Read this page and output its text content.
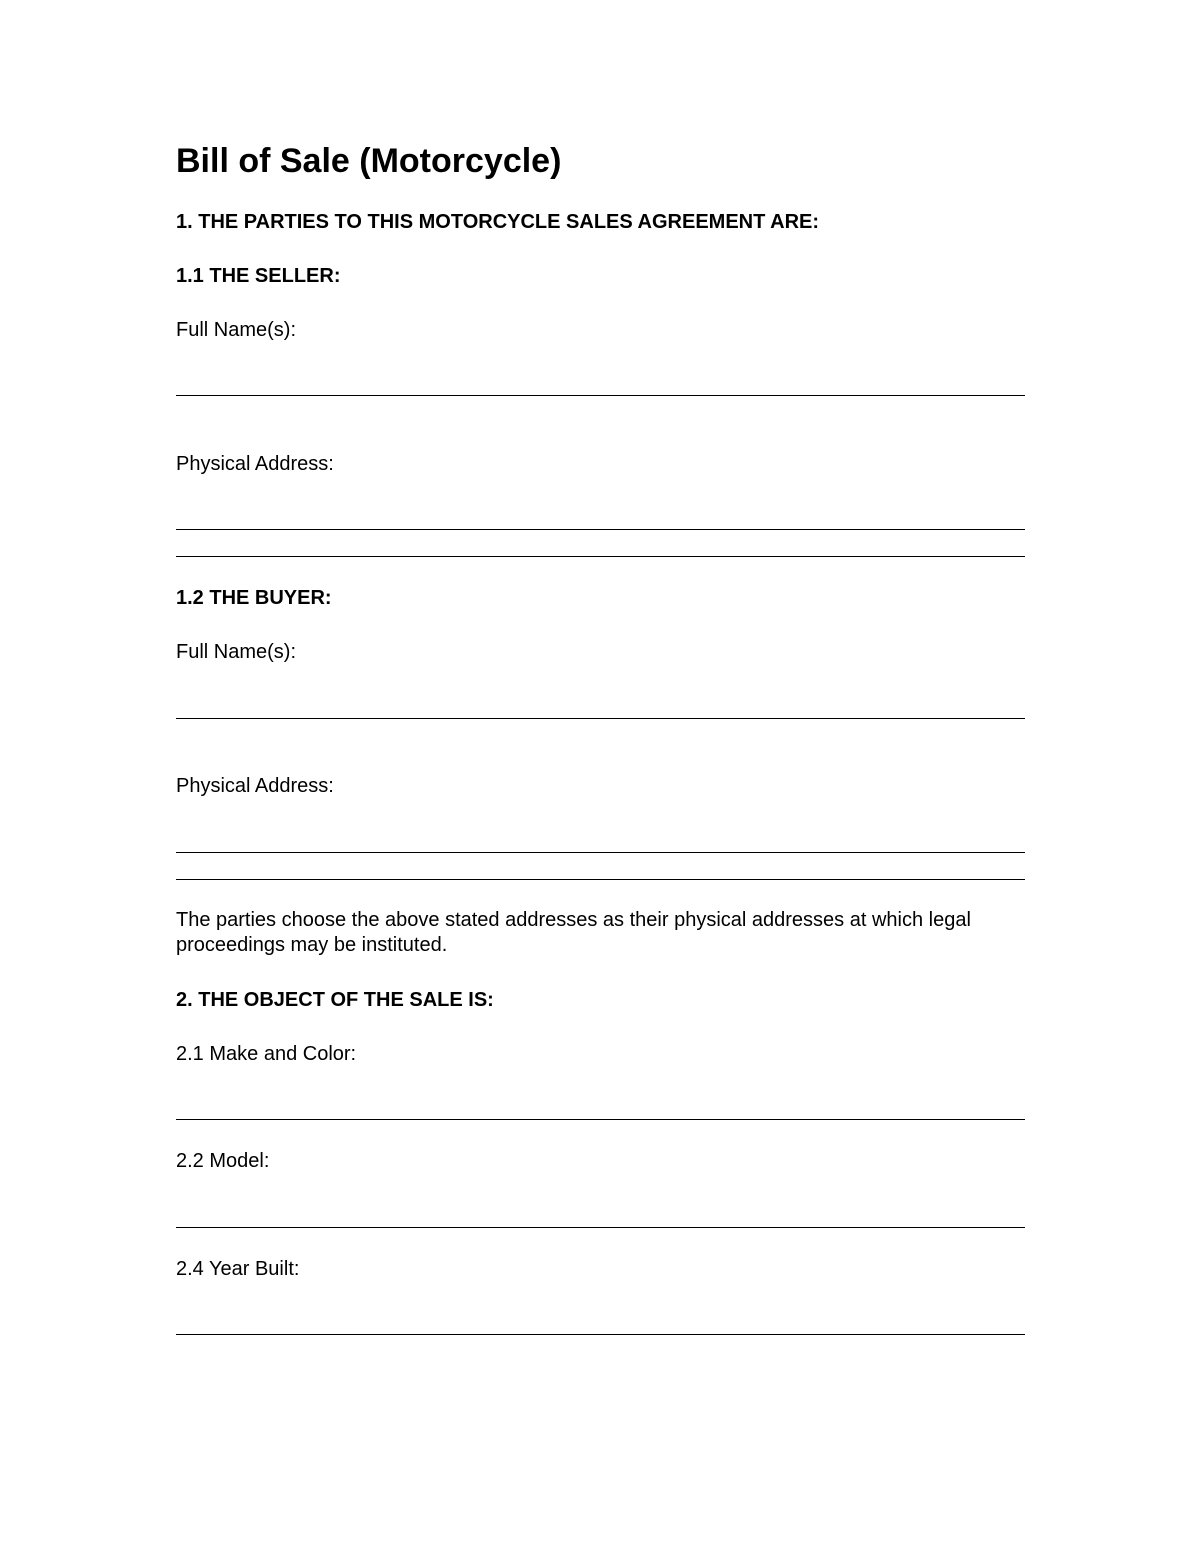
Bill of Sale (Motorcycle)
1. THE PARTIES TO THIS MOTORCYCLE SALES AGREEMENT ARE:
1.1 THE SELLER:
Full Name(s):
Physical Address:
1.2 THE BUYER:
Full Name(s):
Physical Address:
The parties choose the above stated addresses as their physical addresses at which legal proceedings may be instituted.
2. THE OBJECT OF THE SALE IS:
2.1 Make and Color:
2.2 Model:
2.4 Year Built:
